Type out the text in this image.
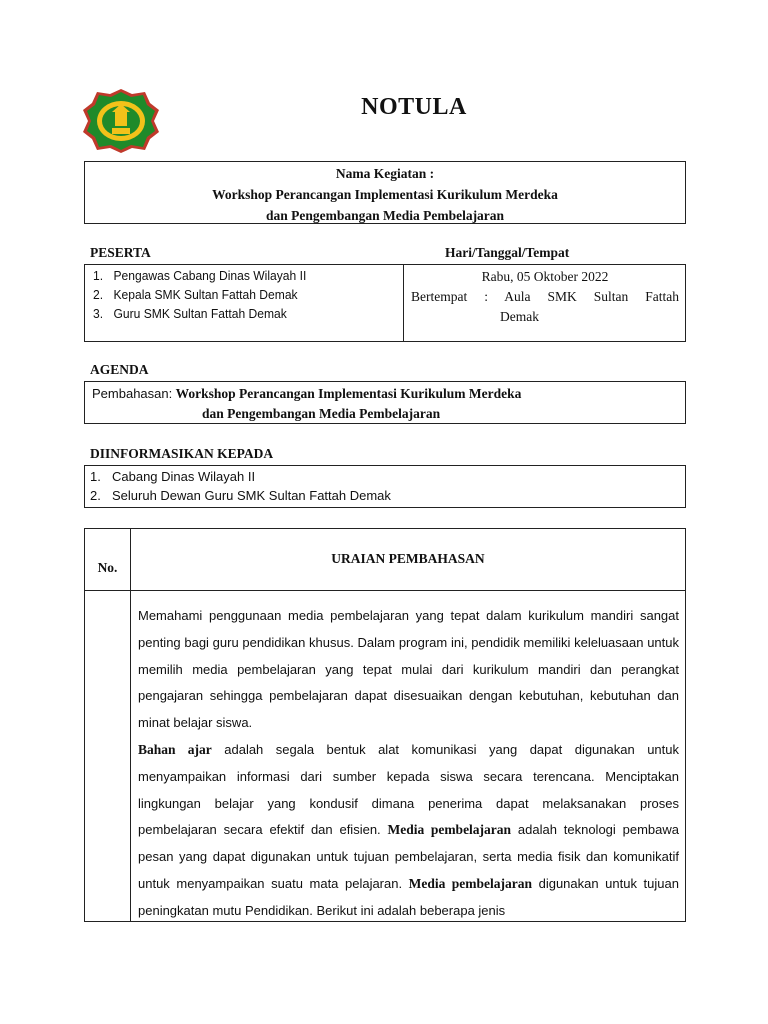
NOTULA
Nama Kegiatan :
Workshop Perancangan Implementasi Kurikulum Merdeka
dan Pengembangan Media Pembelajaran
PESERTA	Hari/Tanggal/Tempat
1. Pengawas Cabang Dinas Wilayah II
2. Kepala SMK Sultan Fattah Demak
3. Guru SMK Sultan Fattah Demak
Rabu, 05 Oktober 2022
Bertempat : Aula SMK Sultan Fattah
Demak
AGENDA
Pembahasan: Workshop Perancangan Implementasi Kurikulum Merdeka
dan Pengembangan Media Pembelajaran
DIINFORMASIKAN KEPADA
1. Cabang Dinas Wilayah II
2. Seluruh Dewan Guru SMK Sultan Fattah Demak
No.	URAIAN PEMBAHASAN

	Memahami penggunaan media pembelajaran yang tepat dalam kurikulum mandiri sangat penting bagi guru pendidikan khusus. Dalam program ini, pendidik memiliki keleluasaan untuk memilih media pembelajaran yang tepat mulai dari kurikulum mandiri dan perangkat pengajaran sehingga pembelajaran dapat disesuaikan dengan kebutuhan, kebutuhan dan minat belajar siswa.

Bahan ajar adalah segala bentuk alat komunikasi yang dapat digunakan untuk menyampaikan informasi dari sumber kepada siswa secara terencana. Menciptakan lingkungan belajar yang kondusif dimana penerima dapat melaksanakan proses pembelajaran secara efektif dan efisien. Media pembelajaran adalah teknologi pembawa pesan yang dapat digunakan untuk tujuan pembelajaran, serta media fisik dan komunikatif untuk menyampaikan suatu mata pelajaran. Media pembelajaran digunakan untuk tujuan peningkatan mutu Pendidikan. Berikut ini adalah beberapa jenis
